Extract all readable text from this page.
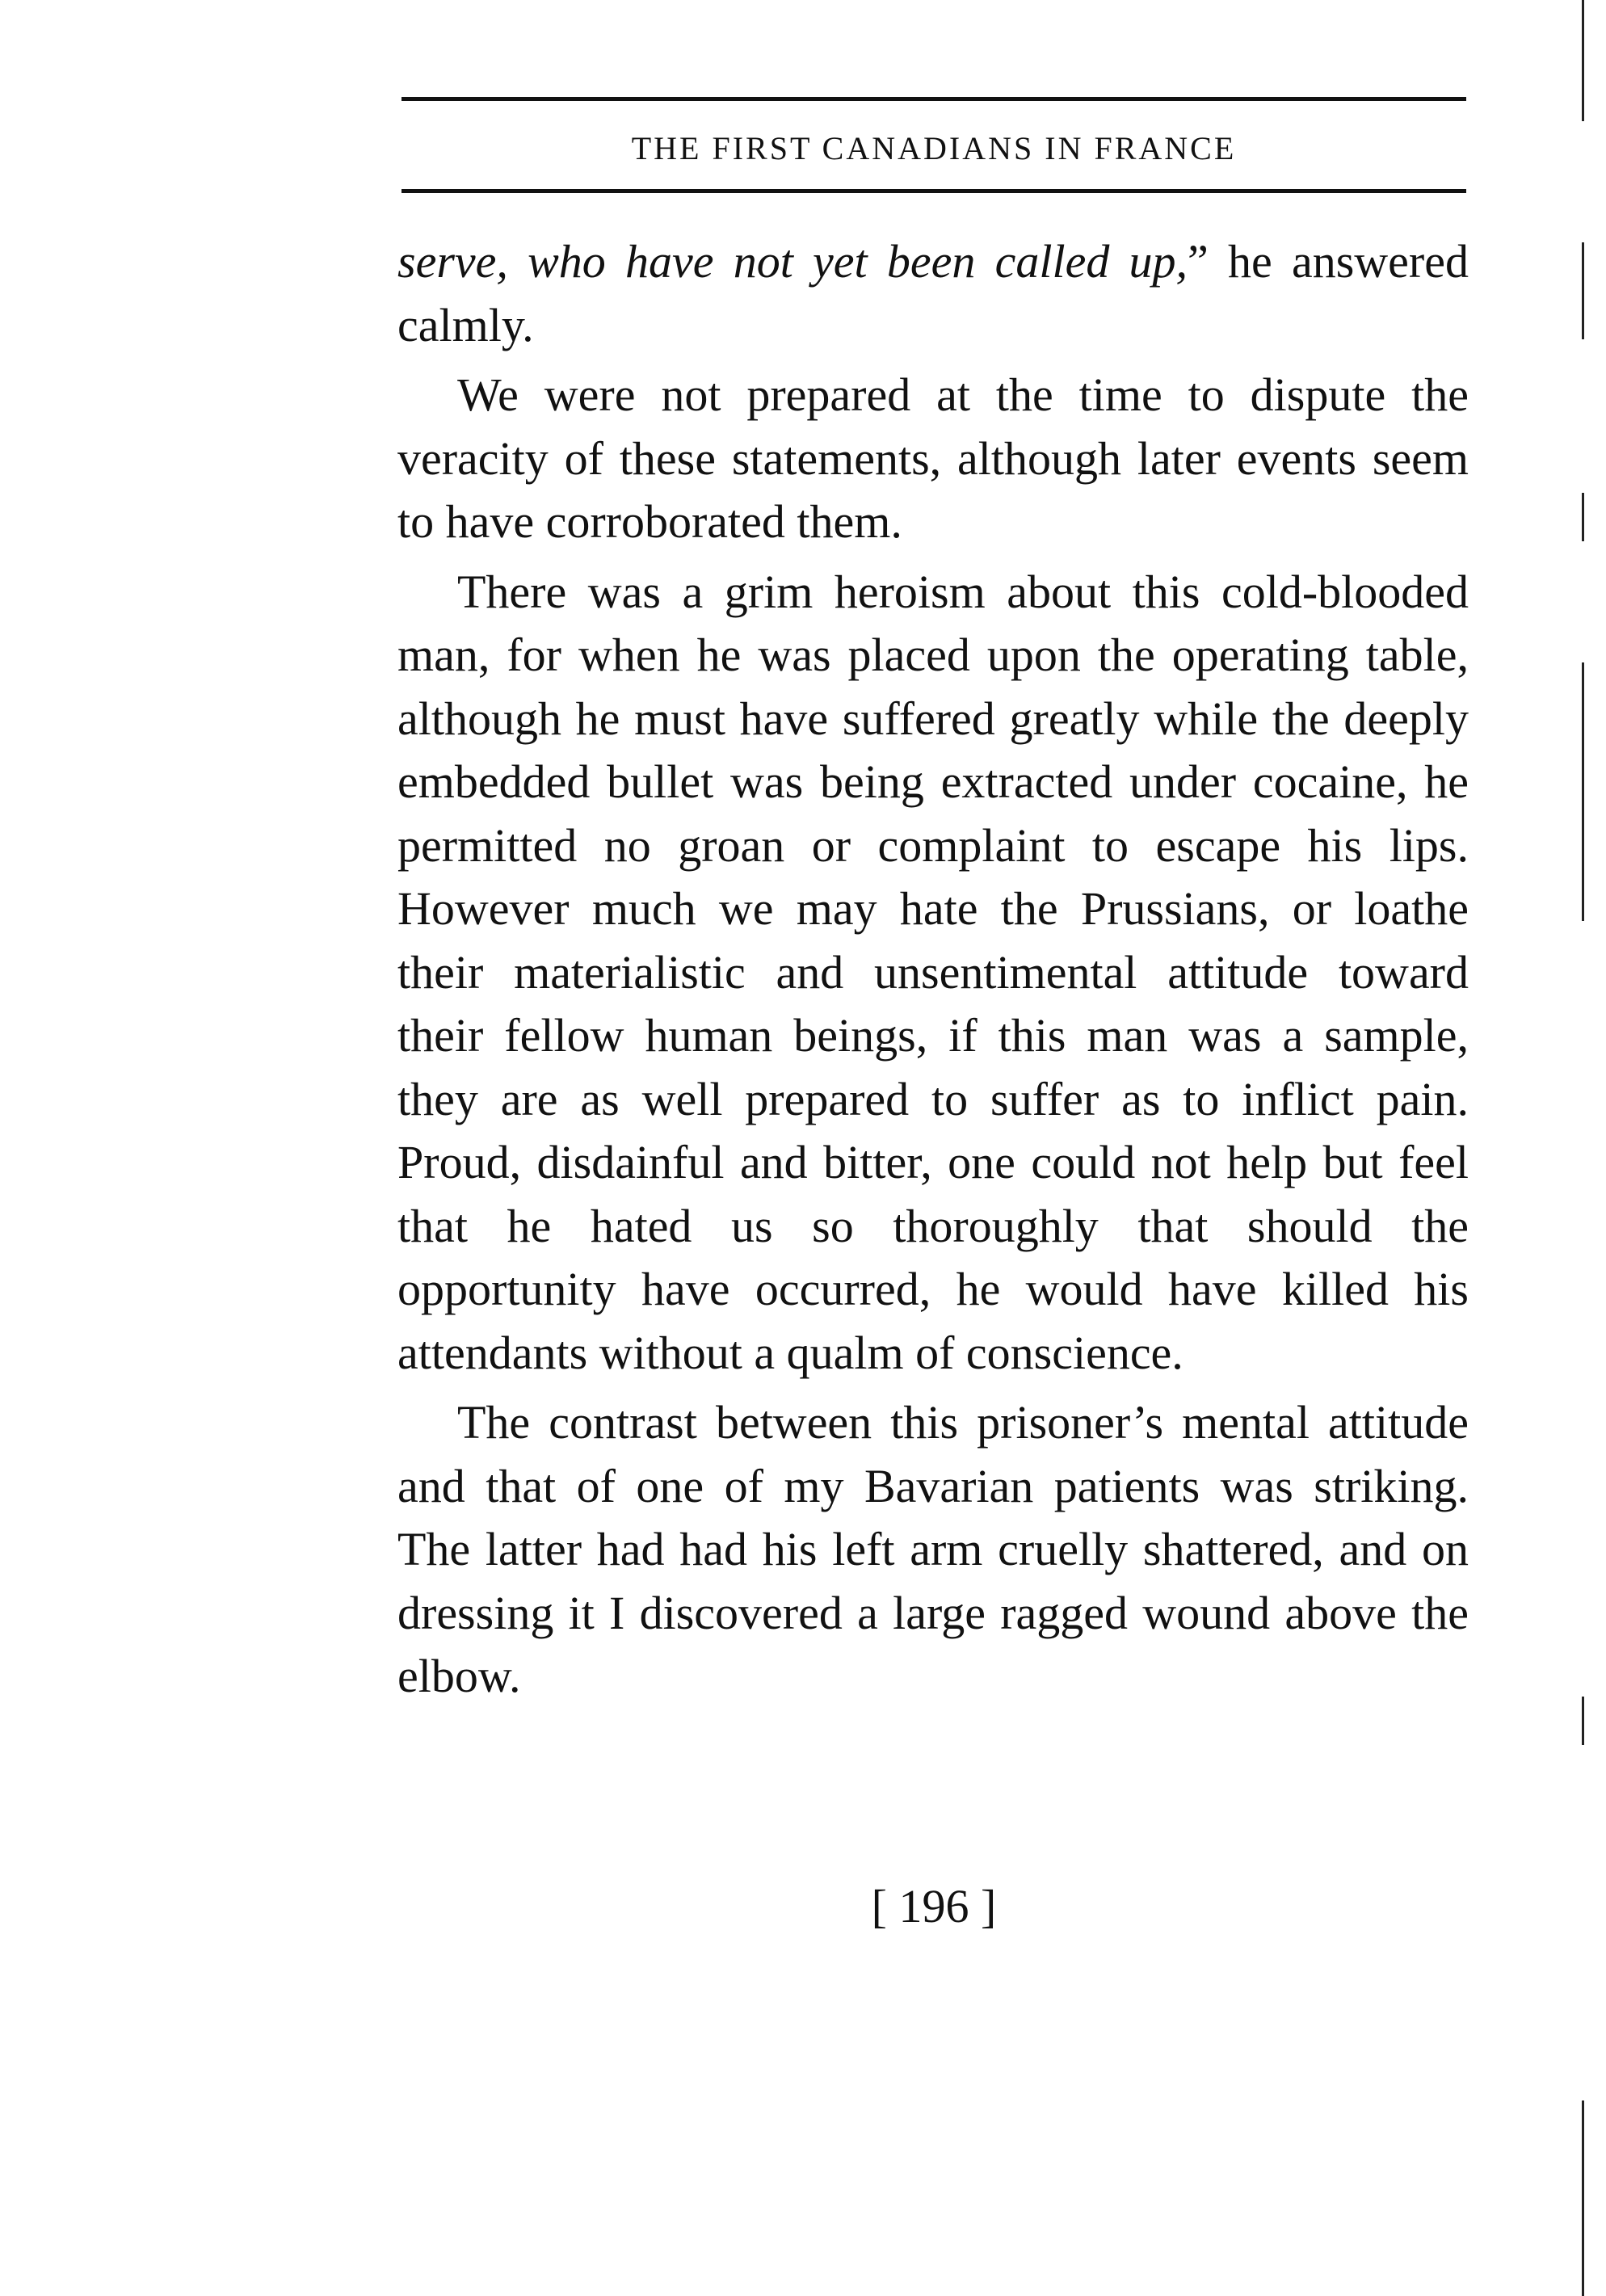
THE FIRST CANADIANS IN FRANCE

serve, who have not yet been called up,” he answered calmly.

We were not prepared at the time to dispute the veracity of these statements, although later events seem to have corroborated them.

There was a grim heroism about this cold-blooded man, for when he was placed upon the operating table, although he must have suffered greatly while the deeply embedded bullet was being extracted under cocaine, he permitted no groan or complaint to escape his lips. However much we may hate the Prussians, or loathe their materialistic and unsentimental attitude toward their fellow human beings, if this man was a sample, they are as well prepared to suffer as to inflict pain. Proud, disdainful and bitter, one could not help but feel that he hated us so thoroughly that should the opportunity have occurred, he would have killed his attendants without a qualm of conscience.

The contrast between this prisoner’s mental attitude and that of one of my Bavarian patients was striking. The latter had had his left arm cruelly shattered, and on dressing it I discovered a large ragged wound above the elbow.

[ 196 ]
